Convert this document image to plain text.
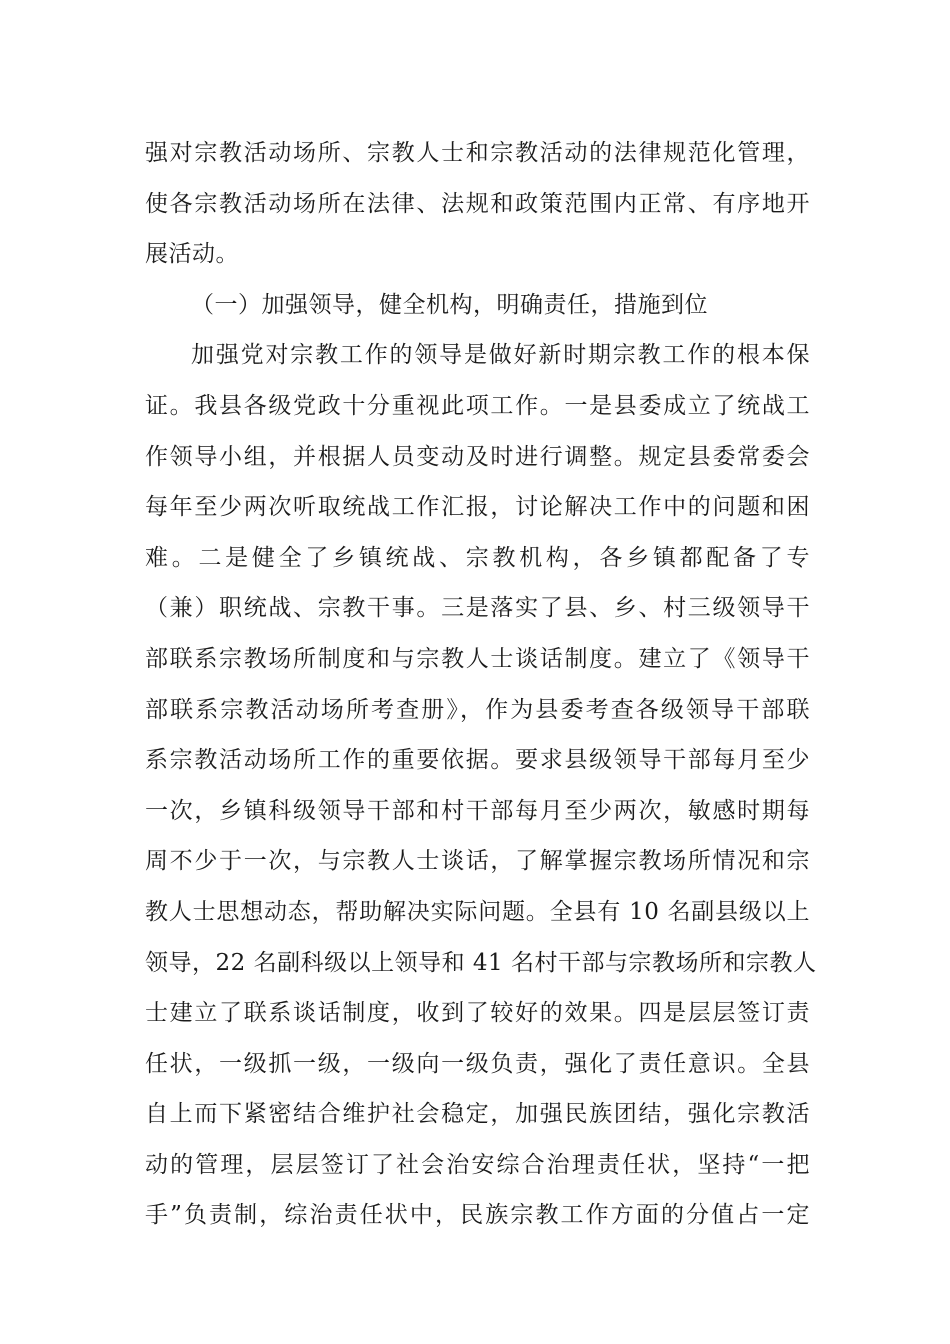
强对宗教活动场所、宗教人士和宗教活动的法律规范化管理，
使各宗教活动场所在法律、法规和政策范围内正常、有序地开
展活动。
（一）加强领导，健全机构，明确责任，措施到位
加强党对宗教工作的领导是做好新时期宗教工作的根本保
证。我县各级党政十分重视此项工作。一是县委成立了统战工
作领导小组，并根据人员变动及时进行调整。规定县委常委会
每年至少两次听取统战工作汇报，讨论解决工作中的问题和困
难。二是健全了乡镇统战、宗教机构，各乡镇都配备了专
（兼）职统战、宗教干事。三是落实了县、乡、村三级领导干
部联系宗教场所制度和与宗教人士谈话制度。建立了《领导干
部联系宗教活动场所考查册》，作为县委考查各级领导干部联
系宗教活动场所工作的重要依据。要求县级领导干部每月至少
一次，乡镇科级领导干部和村干部每月至少两次，敏感时期每
周不少于一次，与宗教人士谈话，了解掌握宗教场所情况和宗
教人士思想动态，帮助解决实际问题。全县有 10 名副县级以上
领导，22 名副科级以上领导和 41 名村干部与宗教场所和宗教人
士建立了联系谈话制度，收到了较好的效果。四是层层签订责
任状，一级抓一级，一级向一级负责，强化了责任意识。全县
自上而下紧密结合维护社会稳定，加强民族团结，强化宗教活
动的管理，层层签订了社会治安综合治理责任状，坚持“一把
手”负责制，综治责任状中，民族宗教工作方面的分值占一定
